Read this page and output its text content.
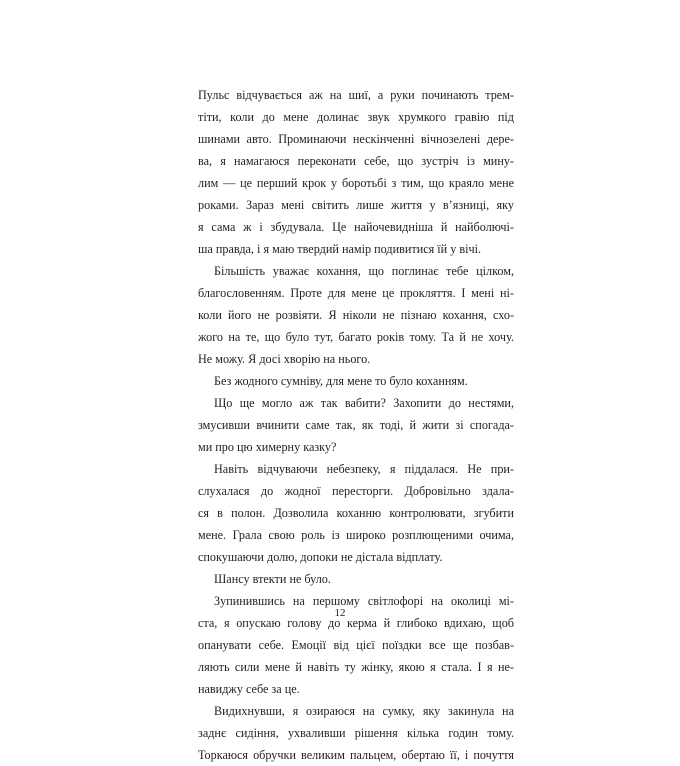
Пульс відчувається аж на шиї, а руки починають трем-
тіти, коли до мене долинає звук хрумкого гравію під
шинами авто. Проминаючи нескінченні вічнозелені дере-
ва, я намагаюся переконати себе, що зустріч із мину-
лим — це перший крок у боротьбі з тим, що краяло мене
роками. Зараз мені світить лише життя у в’язниці, яку
я сама ж і збудувала. Це найочевидніша й найболючі-
ша правда, і я маю твердий намір подивитися їй у вічі.
Більшість уважає кохання, що поглинає тебе цілком,
благословенням. Проте для мене це прокляття. І мені ні-
коли його не розвіяти. Я ніколи не пізнаю кохання, схо-
жого на те, що було тут, багато років тому. Та й не хочу.
Не можу. Я досі хворію на нього.
Без жодного сумніву, для мене то було коханням.
Що ще могло аж так вабити? Захопити до нестями,
змусивши вчинити саме так, як тоді, й жити зі спогада-
ми про цю химерну казку?
Навіть відчуваючи небезпеку, я піддалася. Не при-
слухалася до жодної пересторги. Добровільно здала-
ся в полон. Дозволила коханню контролювати, згубити
мене. Грала свою роль із широко розплющеними очима,
спокушаючи долю, допоки не дістала відплату.
Шансу втекти не було.
Зупинившись на першому світлофорі на околиці мі-
ста, я опускаю голову до керма й глибоко вдихаю, щоб
опанувати себе. Емоції від цієї поїздки все ще позбав-
ляють сили мене й навіть ту жінку, якою я стала. І я не-
навиджу себе за це.
Видихнувши, я озираюся на сумку, яку закинула на
заднє сидіння, ухваливши рішення кілька годин тому.
Торкаюся обручки великим пальцем, обертаю її, і почуття
12
